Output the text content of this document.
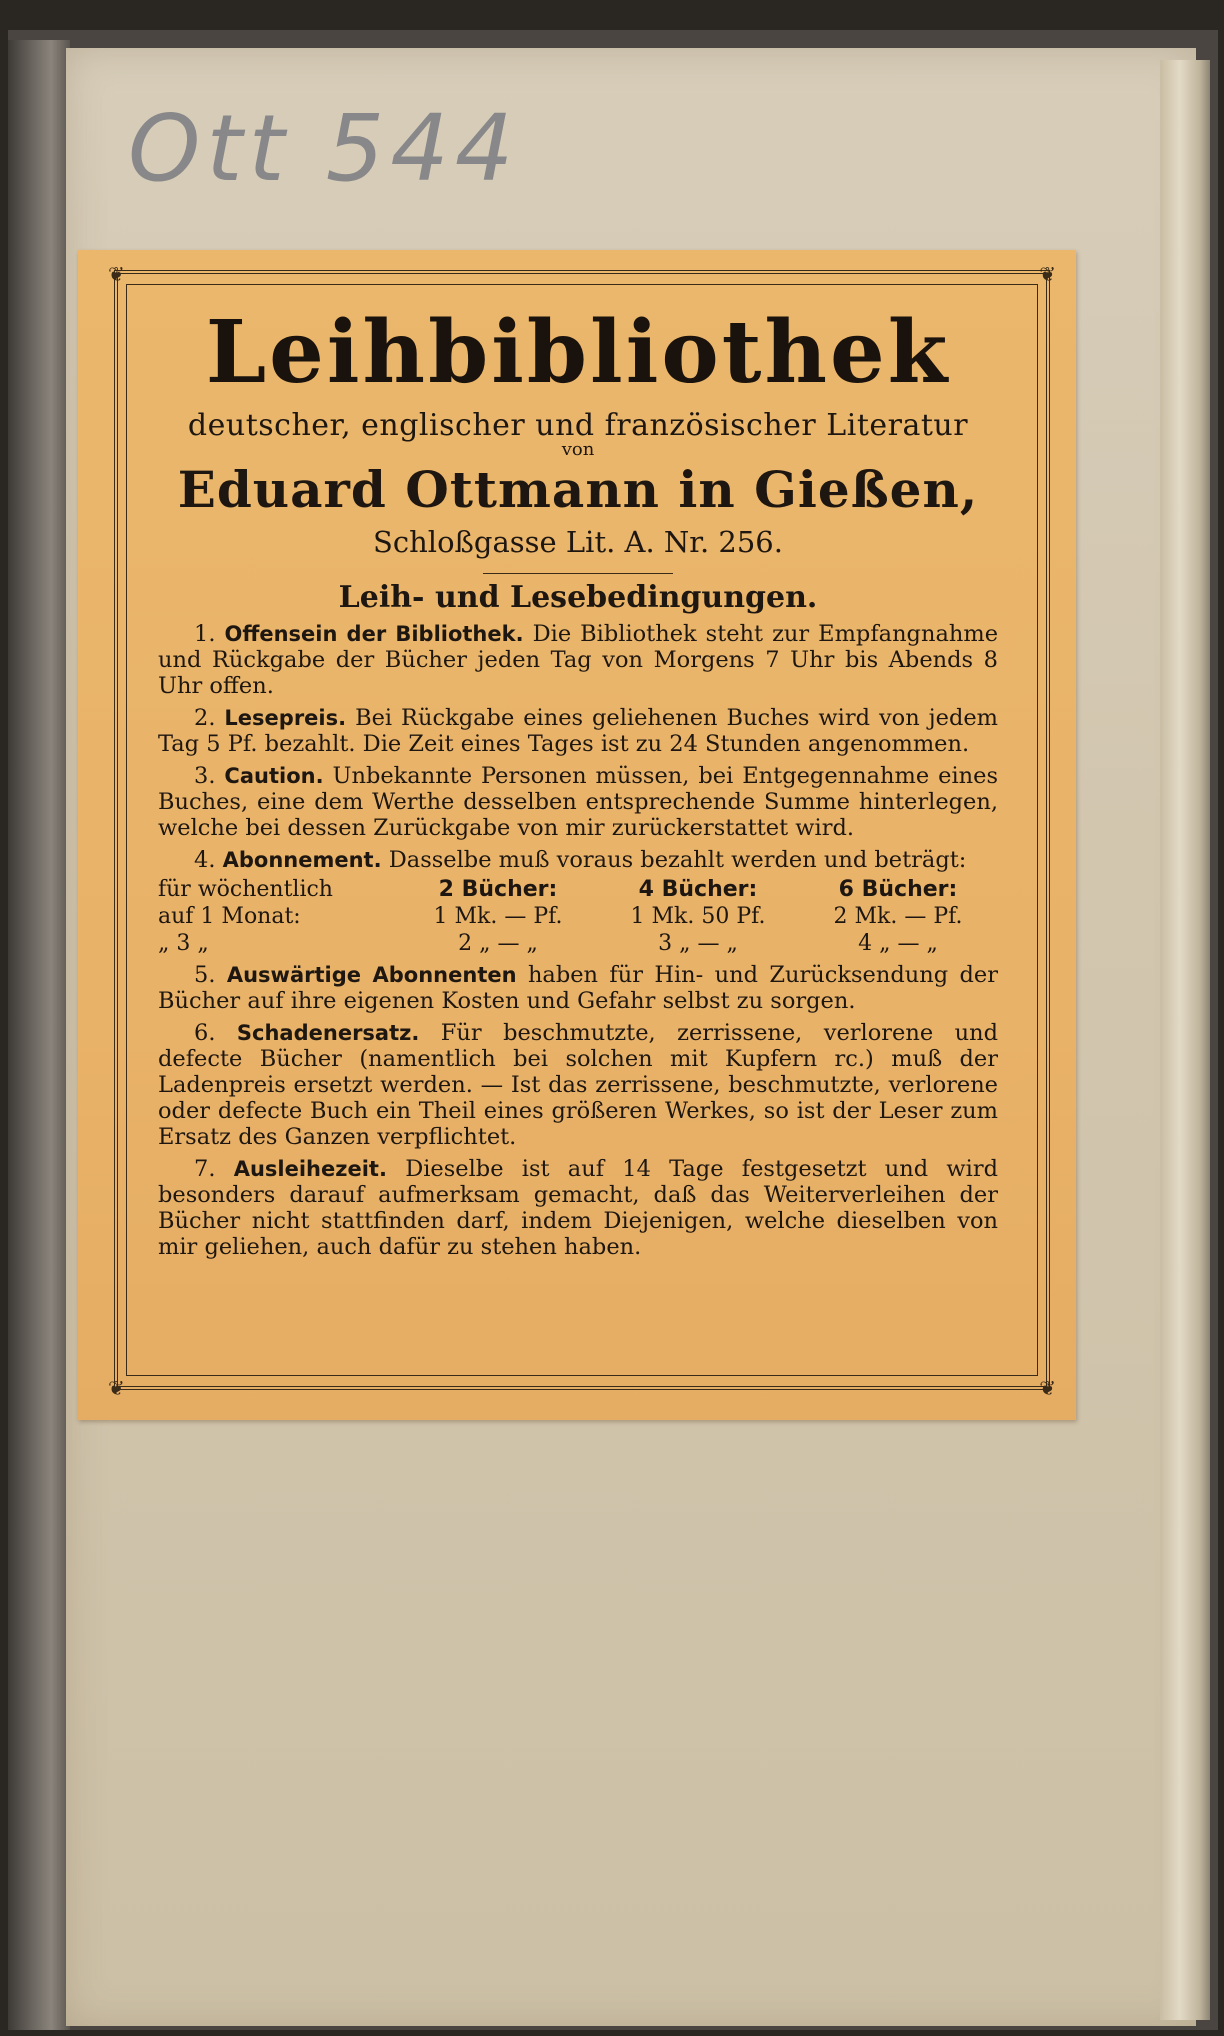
Ott 544
❦	❦
❦	❦
Leihbibliothek
deutscher, englischer und französischer Literatur
von
Eduard Ottmann in Gießen,
Schloßgasse Lit. A. Nr. 256.
Leih- und Lesebedingungen.
1. Offensein der Bibliothek. Die Bibliothek steht zur Empfangnahme und Rückgabe der Bücher jeden Tag von Morgens 7 Uhr bis Abends 8 Uhr offen.
2. Lesepreis. Bei Rückgabe eines geliehenen Buches wird von jedem Tag 5 Pf. bezahlt. Die Zeit eines Tages ist zu 24 Stunden angenommen.
3. Caution. Unbekannte Personen müssen, bei Entgegennahme eines Buches, eine dem Werthe desselben entsprechende Summe hinterlegen, welche bei dessen Zurückgabe von mir zurückerstattet wird.
4. Abonnement. Dasselbe muß voraus bezahlt werden und beträgt:
für wöchentlich	2 Bücher:	4 Bücher:	6 Bücher:
auf 1 Monat:	1 Mk. — Pf.	1 Mk. 50 Pf.	2 Mk. — Pf.
„ 3 „	2 „ — „	3 „ — „	4 „ — „
5. Auswärtige Abonnenten haben für Hin- und Zurücksendung der Bücher auf ihre eigenen Kosten und Gefahr selbst zu sorgen.
6. Schadenersatz. Für beschmutzte, zerrissene, verlorene und defecte Bücher (namentlich bei solchen mit Kupfern rc.) muß der Ladenpreis ersetzt werden. — Ist das zerrissene, beschmutzte, verlorene oder defecte Buch ein Theil eines größeren Werkes, so ist der Leser zum Ersatz des Ganzen verpflichtet.
7. Ausleihezeit. Dieselbe ist auf 14 Tage festgesetzt und wird besonders darauf aufmerksam gemacht, daß das Weiterverleihen der Bücher nicht stattfinden darf, indem Diejenigen, welche dieselben von mir geliehen, auch dafür zu stehen haben.
